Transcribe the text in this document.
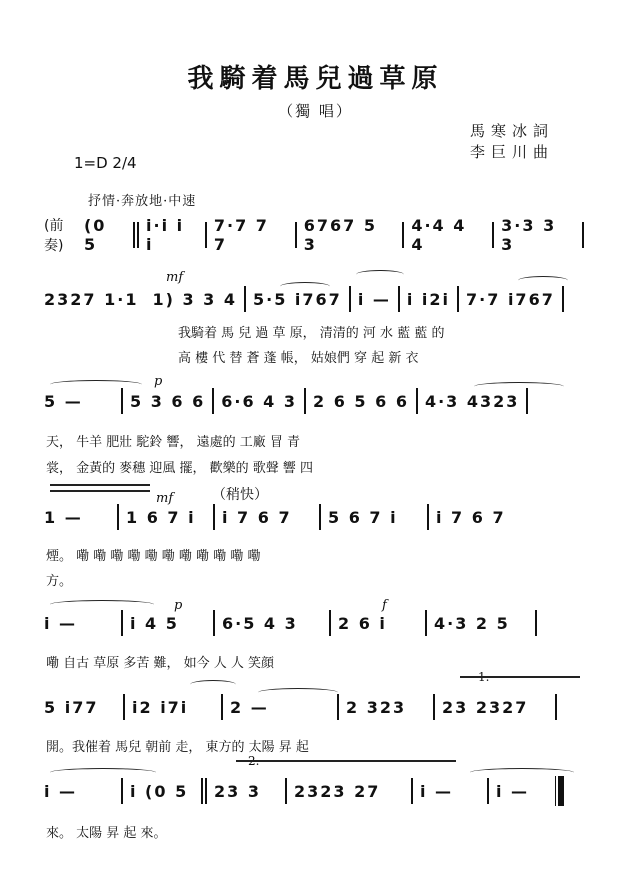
我騎着馬兒過草原
（獨 唱）
馬寒冰詞
李巨川曲
1=D 2/4
抒情·奔放地·中速
(前奏)
(0 5
i·i i i
7·7 7 7
6767 5 3
4·4 4 4
3·3 3 3
mf
2327 1·1 1) 3 3 4	5·5 i767	i —	i i2i	7·7 i767
我騎着 馬 兒 過 草 原， 清清的 河 水 藍 藍 的
高 樓 代 替 蒼 蓬 帳， 姑娘們 穿 起 新 衣
p
5 —	5 3 6 6	6·6 4 3	2 6 5 6 6	4·3 4323
天， 牛羊 肥壯 駝鈴 響， 遠處的 工廠 冒 青
裳， 金黃的 麥穗 迎風 擺， 歡樂的 歌聲 響 四
mf	（稍快）
1 —	1 6 7 i	i 7 6 7	5 6 7 i	i 7 6 7
煙。 嘞 嘞 嘞 嘞 嘞 嘞 嘞 嘞 嘞 嘞 嘞
方。
p	f
i —	i 4 5	6·5 4 3	2 6 i	4·3 2 5
嘞 自古 草原 多苦 難， 如今 人 人 笑顔
5 i77	i2 i7i	2 —	2 323	23 2327
開。我催着 馬兒 朝前 走， 東方的 太陽 昇 起
i —	i (0 5	23 3	2323 27	i —	i —
來。 太陽 昇 起 來。
